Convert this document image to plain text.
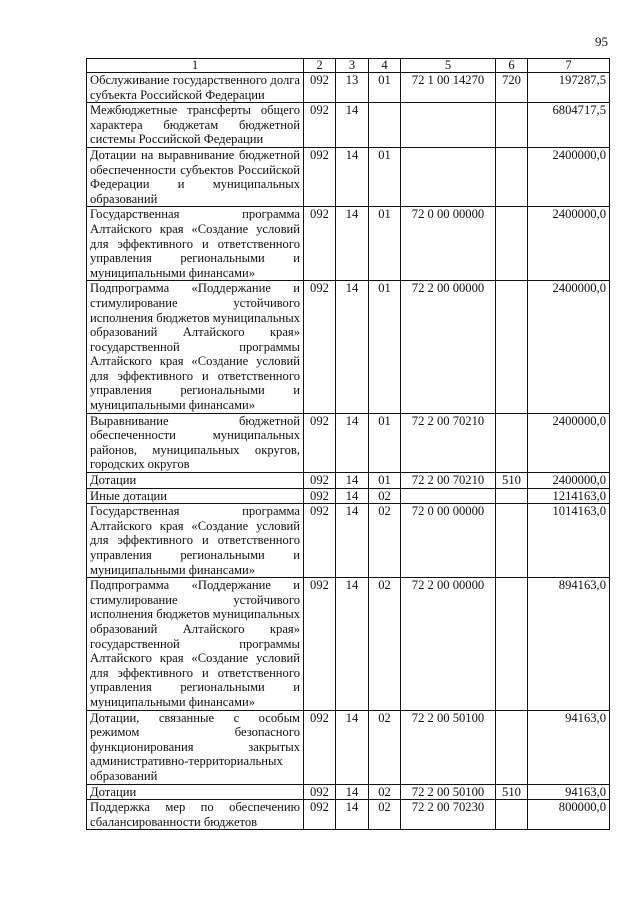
95
1	2	3	4	5	6	7
Обслуживание государственного долга субъекта Российской Федерации	092	13	01	72 1 00 14270	720	197287,5
Межбюджетные трансферты общего характера бюджетам бюджетной системы Российской Федерации	092	14				6804717,5
Дотации на выравнивание бюджетной обеспеченности субъектов Российской Федерации и муниципальных образований	092	14	01			2400000,0
Государственная программа Алтайского края «Создание условий для эффективного и ответственного управления региональными и муниципальными финансами»	092	14	01	72 0 00 00000		2400000,0
Подпрограмма «Поддержание и стимулирование устойчивого исполнения бюджетов муниципальных образований Алтайского края» государственной программы Алтайского края «Создание условий для эффективного и ответственного управления региональными и муниципальными финансами»	092	14	01	72 2 00 00000		2400000,0
Выравнивание бюджетной обеспеченности муниципальных районов, муниципальных округов, городских округов	092	14	01	72 2 00 70210		2400000,0
Дотации	092	14	01	72 2 00 70210	510	2400000,0
Иные дотации	092	14	02			1214163,0
Государственная программа Алтайского края «Создание условий для эффективного и ответственного управления региональными и муниципальными финансами»	092	14	02	72 0 00 00000		1014163,0
Подпрограмма «Поддержание и стимулирование устойчивого исполнения бюджетов муниципальных образований Алтайского края» государственной программы Алтайского края «Создание условий для эффективного и ответственного управления региональными и муниципальными финансами»	092	14	02	72 2 00 00000		894163,0
Дотации, связанные с особым режимом безопасного функционирования закрытых административно-территориальных образований	092	14	02	72 2 00 50100		94163,0
Дотации	092	14	02	72 2 00 50100	510	94163,0
Поддержка мер по обеспечению сбалансированности бюджетов	092	14	02	72 2 00 70230		800000,0
